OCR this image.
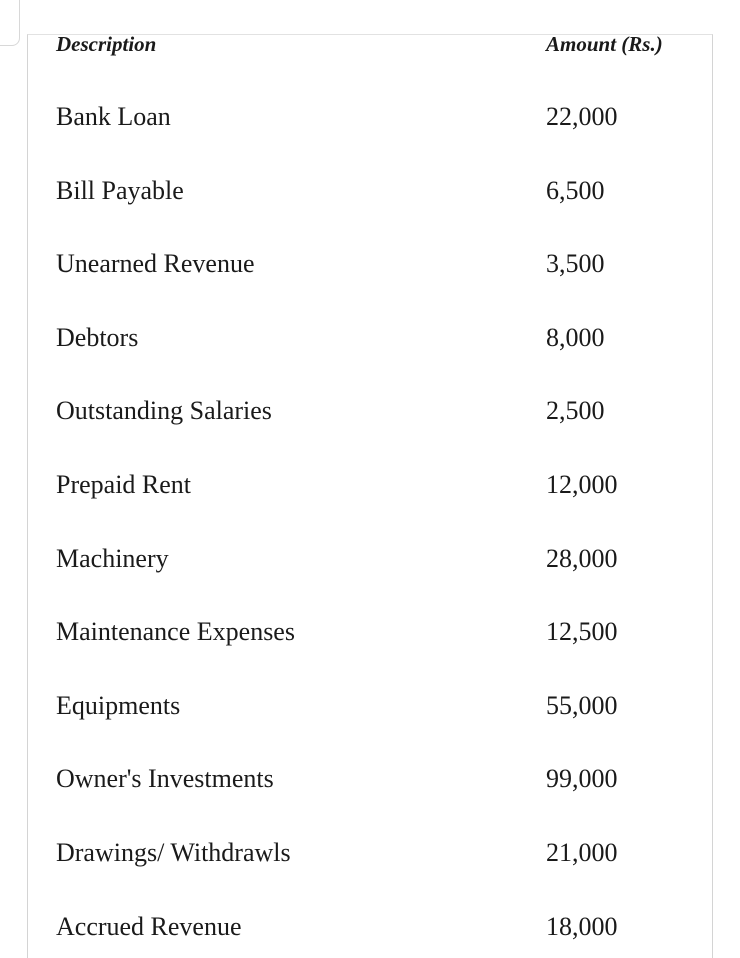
Description	Amount (Rs.)
Bank Loan	22,000
Bill Payable	6,500
Unearned Revenue	3,500
Debtors	8,000
Outstanding Salaries	2,500
Prepaid Rent	12,000
Machinery	28,000
Maintenance Expenses	12,500
Equipments	55,000
Owner's Investments	99,000
Drawings/ Withdrawls	21,000
Accrued Revenue	18,000
